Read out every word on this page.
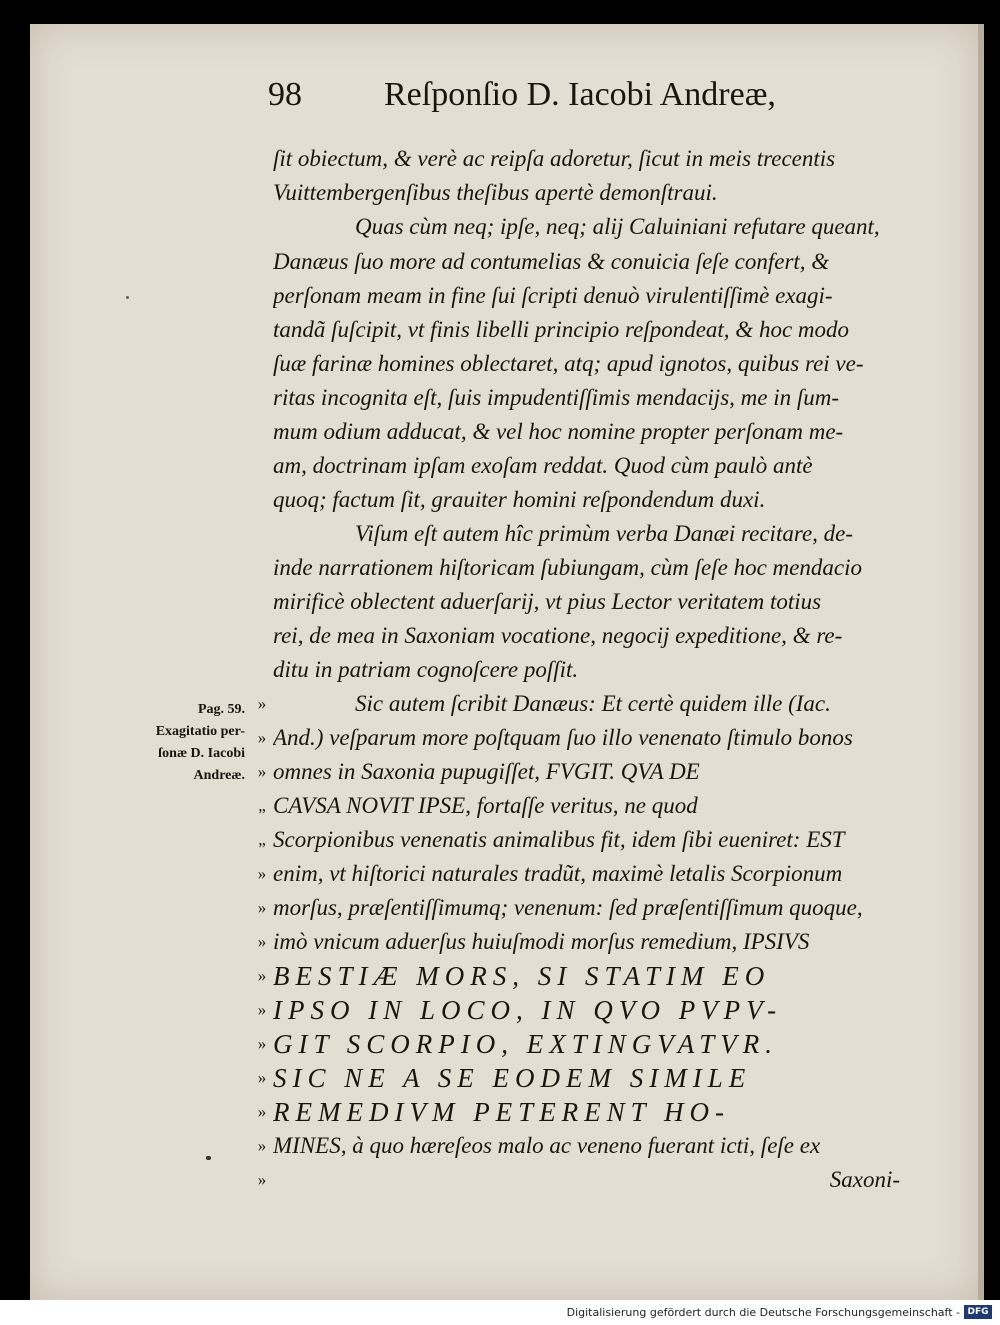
98 Reſponſio D. Iacobi Andreæ,
ſit obiectum, & verè ac reipſa adoretur, ſicut in meis trecentis
Vuittembergenſibus theſibus apertè demonſtraui.
Quas cùm neq; ipſe, neq; alij Caluiniani refutare queant,
Danæus ſuo more ad contumelias & conuicia ſeſe confert, &
perſonam meam in fine ſui ſcripti denuò virulentiſſimè exagi-
tandã ſuſcipit, vt finis libelli principio reſpondeat, & hoc modo
ſuæ farinæ homines oblectaret, atq; apud ignotos, quibus rei ve-
ritas incognita eſt, ſuis impudentiſſimis mendacijs, me in ſum-
mum odium adducat, & vel hoc nomine propter perſonam me-
am, doctrinam ipſam exoſam reddat. Quod cùm paulò antè
quoq; factum ſit, grauiter homini reſpondendum duxi.
Viſum eſt autem hîc primùm verba Danæi recitare, de-
inde narrationem hiſtoricam ſubiungam, cùm ſeſe hoc mendacio
mirificè oblectent aduerſarij, vt pius Lector veritatem totius
rei, de mea in Saxoniam vocatione, negocij expeditione, & re-
ditu in patriam cognoſcere poſſit.
Sic autem ſcribit Danæus: Et certè quidem ille (Iac.
And.) veſparum more poſtquam ſuo illo venenato ſtimulo bonos
omnes in Saxonia pupugiſſet, FVGIT. QVA DE
CAVSA NOVIT IPSE, fortaſſe veritus, ne quod
Scorpionibus venenatis animalibus fit, idem ſibi eueniret: EST
enim, vt hiſtorici naturales tradũt, maximè letalis Scorpionum
morſus, præſentiſſimumq; venenum: ſed præſentiſſimum quoque,
imò vnicum aduerſus huiuſmodi morſus remedium, IPSIVS
BESTIÆ MORS, SI STATIM EO
IPSO IN LOCO, IN QVO PVPV-
GIT SCORPIO, EXTINGVATVR.
SIC NE A SE EODEM SIMILE
REMEDIVM PETERENT HO-
MINES, à quo hæreſeos malo ac veneno fuerant icti, ſeſe ex
Saxoni-
Pag. 59.
Exagitatio per-
ſonæ D. Iacobi
Andreæ.
»
»
»
„
„
»
»
»
»
»
»
»
»
»
»
Digitalisierung gefördert durch die Deutsche Forschungsgemeinschaft - DFG
